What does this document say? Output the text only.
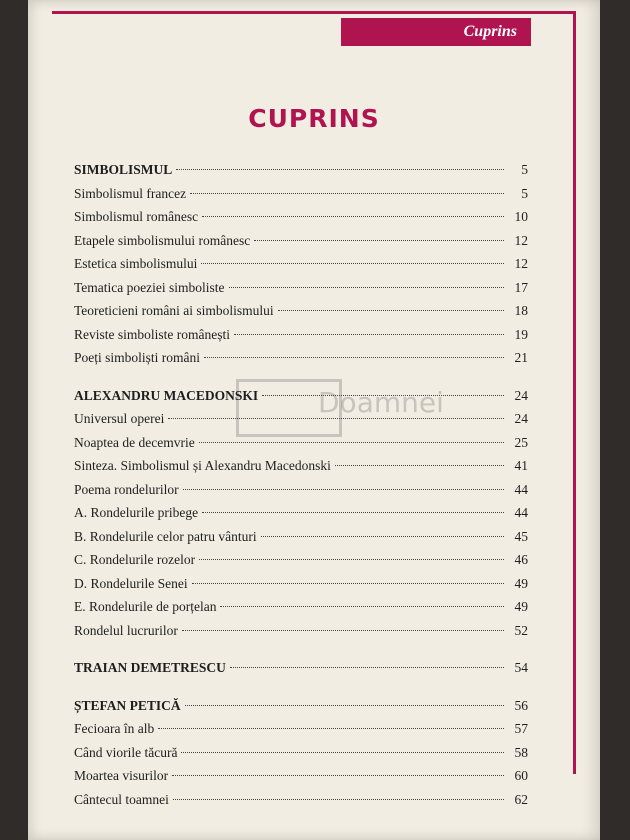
Cuprins
CUPRINS
Doamnei
SIMBOLISMUL	5
Simbolismul francez	5
Simbolismul românesc	10
Etapele simbolismului românesc	12
Estetica simbolismului	12
Tematica poeziei simboliste	17
Teoreticieni români ai simbolismului	18
Reviste simboliste românești	19
Poeți simboliști români	21
ALEXANDRU MACEDONSKI	24
Universul operei	24
Noaptea de decemvrie	25
Sinteza. Simbolismul și Alexandru Macedonski	41
Poema rondelurilor	44
A. Rondelurile pribege	44
B. Rondelurile celor patru vânturi	45
C. Rondelurile rozelor	46
D. Rondelurile Senei	49
E. Rondelurile de porțelan	49
Rondelul lucrurilor	52
TRAIAN DEMETRESCU	54
ȘTEFAN PETICĂ	56
Fecioara în alb	57
Când viorile tăcură	58
Moartea visurilor	60
Cântecul toamnei	62
